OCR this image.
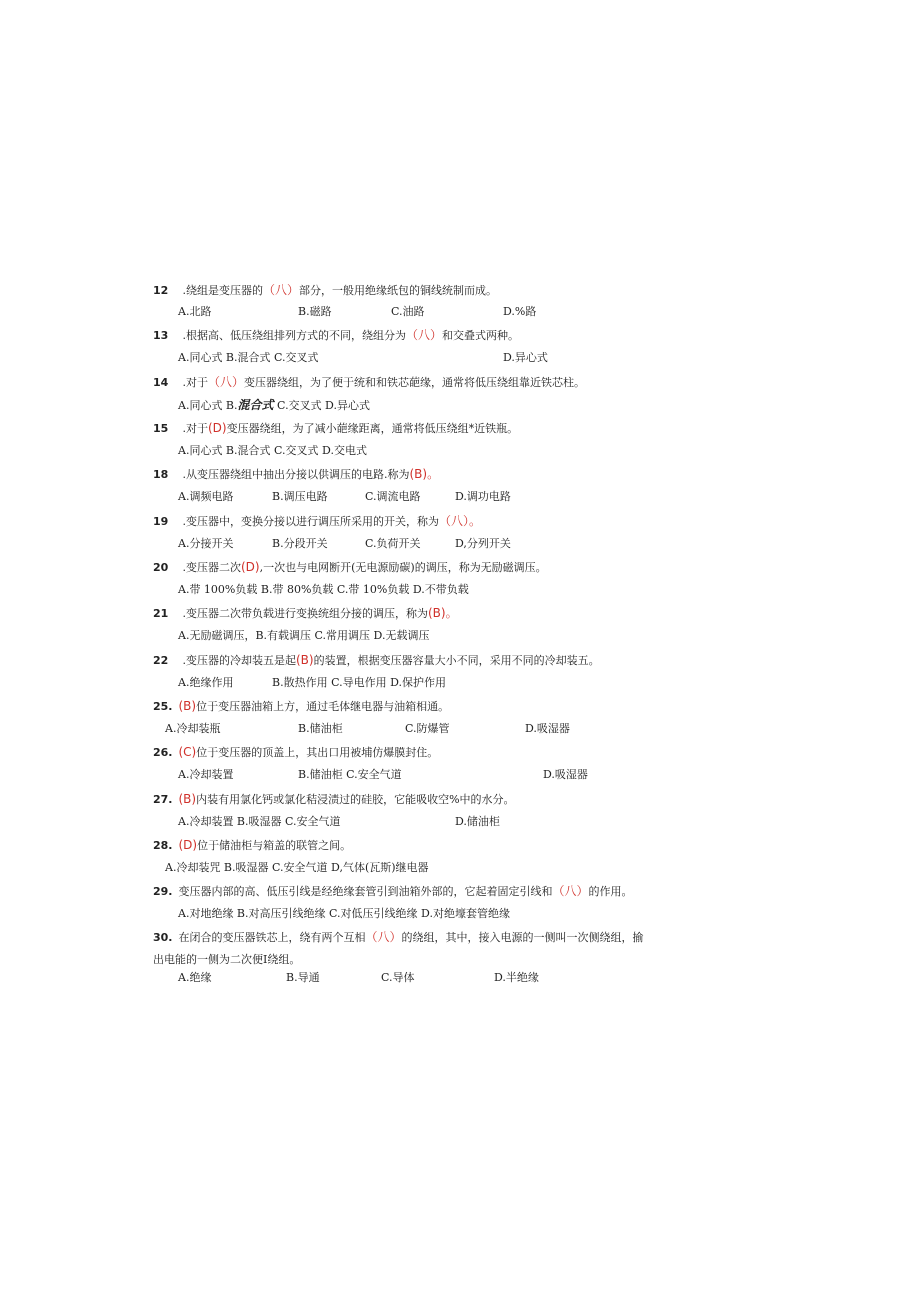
12 .绕组是变压器的（八）部分，一般用绝缘纸包的铜线统制而成。
A.北路	B.磁路	C.油路	D.%路
13 .根据高、低压绕组排列方式的不同，绕组分为（八）和交叠式两种。
A.同心式 B.混合式 C.交叉式	D.异心式
14 .对于（八）变压器绕组，为了便于统和和铁芯葩缘，通常将低压绕组靠近铁芯柱。
A.同心式 B.混合式 C.交叉式 D.异心式
15 .对于(D)变压器绕组，为了减小葩缘距离，通常将低压绕组*近铁瓶。
A.同心式 B.混合式 C.交叉式 D.交电式
18 .从变压器绕组中抽出分接以供调压的电路.称为(B)。
A.调频电路	B.调压电路	C.调流电路	D.调功电路
19 .变压器中，变换分接以进行调压所采用的开关，称为（八）。
A.分接开关	B.分段开关	C.负荷开关	D,分列开关
20 .变压器二次(D),一次也与电网断开(无电源励碳)的调压，称为无励磁调压。
A.带 100%负载 B.带 80%负载 C.带 10%负载 D.不带负载
21 .变压器二次带负载进行变换统组分接的调压，称为(B)。
A.无励磁调压，B.有载调压 C.常用调压 D.无载调压
22 .变压器的冷却装五是起(B)的装置，根据变压器容量大小不同，采用不同的冷却装五。
A.绝缘作用	B.散热作用 C.导电作用 D.保护作用
25. (B)位于变压器油箱上方，通过毛体继电器与油箱相通。
A.冷却装瓶	B.储油柜	C.防爆管	D.吸湿器
26. (C)位于变压器的顶盖上，其出口用被埔仿爆膜封住。
A.冷却装置	B.储油柜 C.安全气道	D.吸湿器
27. (B)内装有用氯化钙或氯化秸浸渍过的硅胶，它能吸收空%中的水分。
A.冷却装置 B.吸湿器 C.安全气道	D.储油柜
28. (D)位于储油柜与箱盖的联管之间。
A.冷却装咒 B.吸湿器 C.安全气道 D,气体(瓦斯)继电器
29. 变压器内部的高、低压引线是经绝缘套管引到油箱外部的，它起着固定引线和（八）的作用。
A.对地绝缘 B.对高压引线绝缘 C.对低压引线绝缘 D.对绝壕套管绝缘
30. 在闭合的变压器铁芯上，绕有两个互相（八）的绕组，其中，接入电源的一侧叫一次侧绕组，揄
出电能的一侧为二次便Ⅰ绕组。
A.绝缘	B.导通	C.导体	D.半绝缘
